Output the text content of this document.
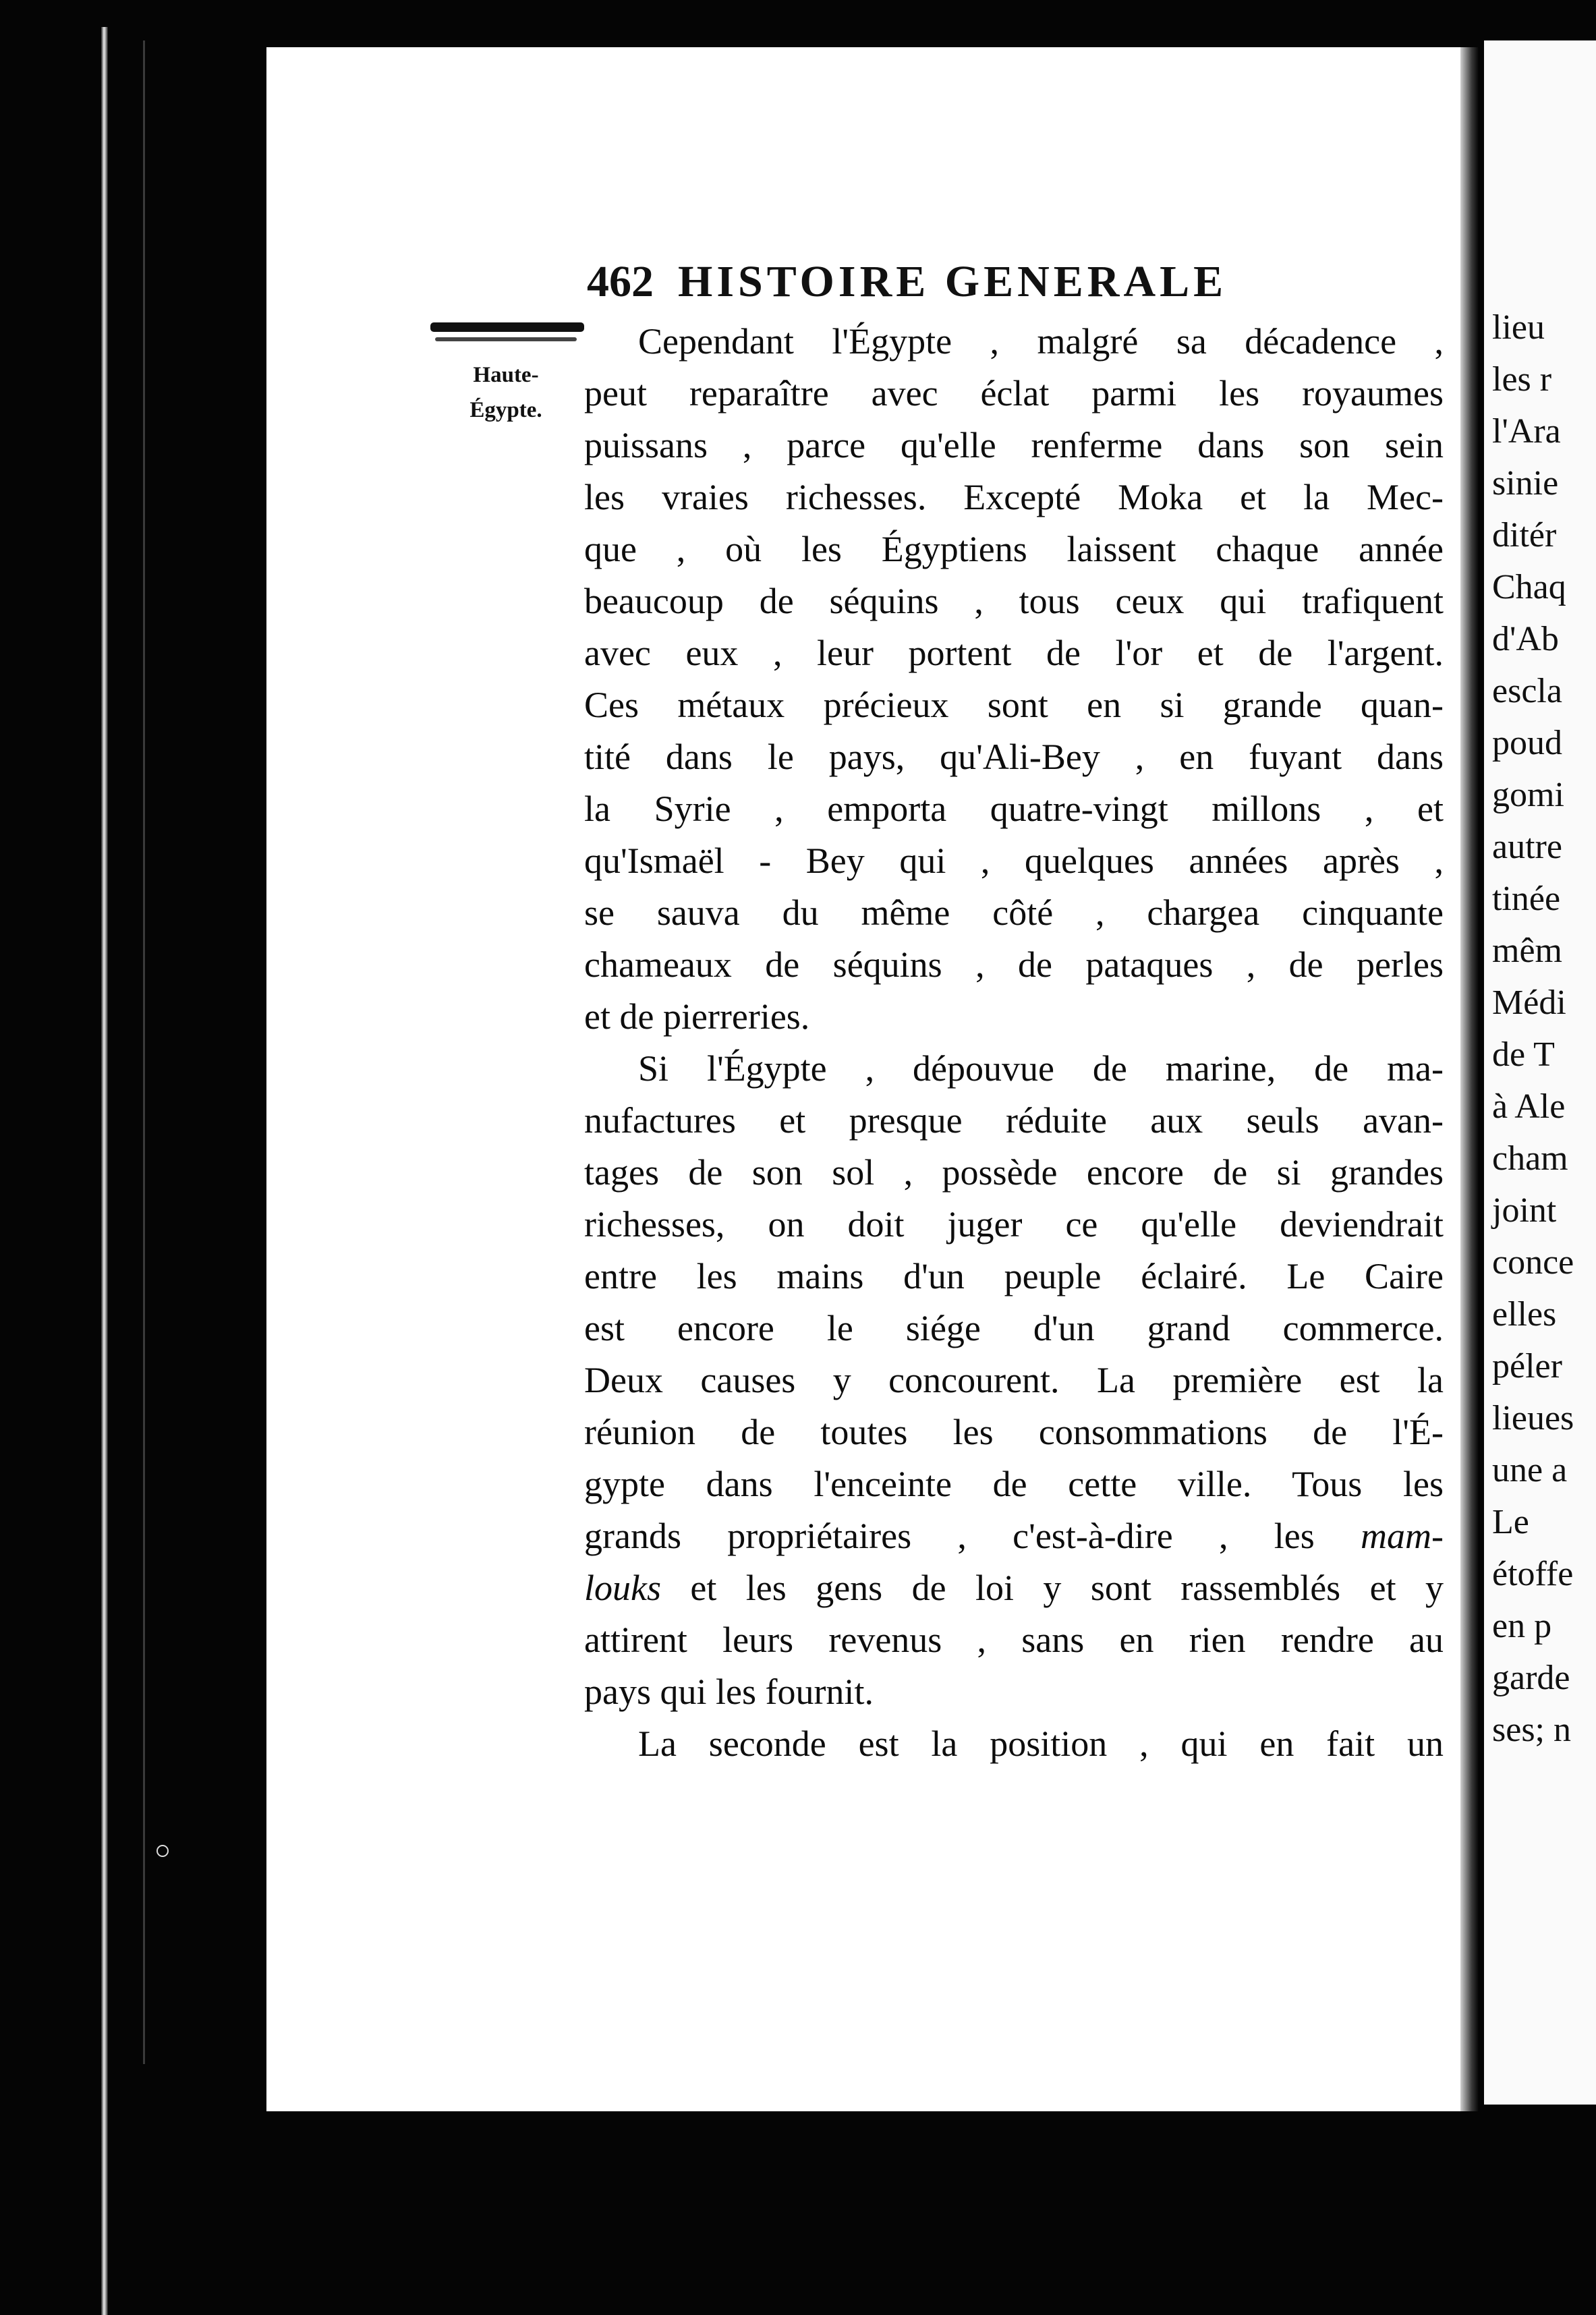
lieu
les r
l'Ara
sinie
ditér
Chaq
d'Ab
escla
poud
gomi
autre
tinée
mêm
Médi
de T
à Ale
cham
joint
conce
elles
péler
lieues
une a
Le
étoffe
en p
garde
ses; n
462 HISTOIRE GENERALE
Haute-
Égypte.
Cependant l'Égypte , malgré sa décadence ,
peut reparaître avec éclat parmi les royaumes
puissans , parce qu'elle renferme dans son sein
les vraies richesses. Excepté Moka et la Mec-
que , où les Égyptiens laissent chaque année
beaucoup de séquins , tous ceux qui trafiquent
avec eux , leur portent de l'or et de l'argent.
Ces métaux précieux sont en si grande quan-
tité dans le pays, qu'Ali-Bey , en fuyant dans
la Syrie , emporta quatre-vingt millons , et
qu'Ismaël - Bey qui , quelques années après ,
se sauva du même côté , chargea cinquante
chameaux de séquins , de pataques , de perles
et de pierreries.
Si l'Égypte , dépouvue de marine, de ma-
nufactures et presque réduite aux seuls avan-
tages de son sol , possède encore de si grandes
richesses, on doit juger ce qu'elle deviendrait
entre les mains d'un peuple éclairé. Le Caire
est encore le siége d'un grand commerce.
Deux causes y concourent. La première est la
réunion de toutes les consommations de l'É-
gypte dans l'enceinte de cette ville. Tous les
grands propriétaires , c'est-à-dire , les mam-
louks et les gens de loi y sont rassemblés et y
attirent leurs revenus , sans en rien rendre au
pays qui les fournit.
La seconde est la position , qui en fait un
